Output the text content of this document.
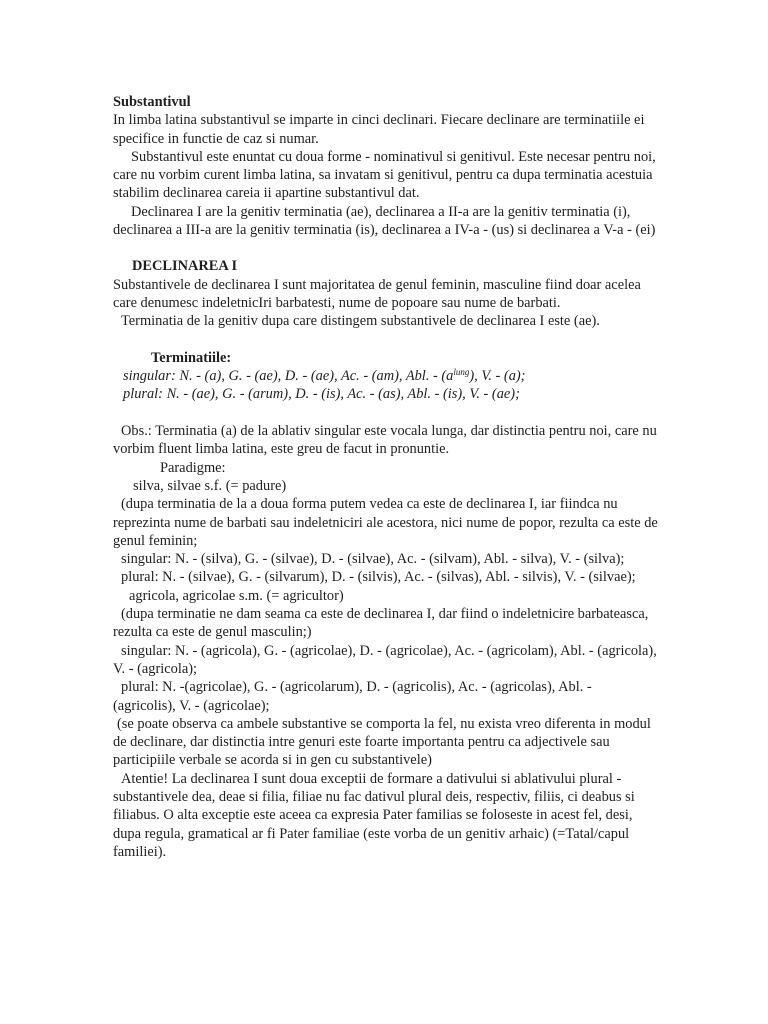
Substantivul

In limba latina substantivul se imparte in cinci declinari. Fiecare declinare are terminatiile ei specifice in functie de caz si numar.

Substantivul este enuntat cu doua forme - nominativul si genitivul. Este necesar pentru noi, care nu vorbim curent limba latina, sa invatam si genitivul, pentru ca dupa terminatia acestuia stabilim declinarea careia ii apartine substantivul dat.

Declinarea I are la genitiv terminatia (ae), declinarea a II-a are la genitiv terminatia (i), declinarea a III-a are la genitiv terminatia (is), declinarea a IV-a - (us) si declinarea a V-a - (ei)

DECLINAREA I

Substantivele de declinarea I sunt majoritatea de genul feminin, masculine fiind doar acelea care denumesc indeletnicIri barbatesti, nume de popoare sau nume de barbati.

Terminatia de la genitiv dupa care distingem substantivele de declinarea I este (ae).

Terminatiile:

singular: N. - (a), G. - (ae), D. - (ae), Ac. - (am), Abl. - $(a^{lung})$, V. - (a);

plural: N. - (ae), G. - (arum), D. - (is), Ac. - (as), Abl. - (is), V. - (ae);

Obs.: Terminatia (a) de la ablativ singular este vocala lunga, dar distinctia pentru noi, care nu vorbim fluent limba latina, este greu de facut in pronuntie.

Paradigme:

silva, silvae s.f. (= padure)

(dupa terminatia de la a doua forma putem vedea ca este de declinarea I, iar fiindca nu reprezinta nume de barbati sau indeletniciri ale acestora, nici nume de popor, rezulta ca este de genul feminin;

singular: N. - (silva), G. - (silvae), D. - (silvae), Ac. - (silvam), Abl. - silva), V. - (silva);

plural: N. - (silvae), G. - (silvarum), D. - (silvis), Ac. - (silvas), Abl. - silvis), V. - (silvae);

agricola, agricolae s.m. (= agricultor)

(dupa terminatie ne dam seama ca este de declinarea I, dar fiind o indeletnicire barbateasca, rezulta ca este de genul masculin;)

singular: N. - (agricola), G. - (agricolae), D. - (agricolae), Ac. - (agricolam), Abl. - (agricola), V. - (agricola);

plural: N. -(agricolae), G. - (agricolarum), D. - (agricolis), Ac. - (agricolas), Abl. - (agricolis), V. - (agricolae);

(se poate observa ca ambele substantive se comporta la fel, nu exista vreo diferenta in modul de declinare, dar distinctia intre genuri este foarte importanta pentru ca adjectivele sau participiile verbale se acorda si in gen cu substantivele)

Atentie! La declinarea I sunt doua exceptii de formare a dativului si ablativului plural - substantivele dea, deae si filia, filiae nu fac dativul plural deis, respectiv, filiis, ci deabus si filiabus. O alta exceptie este aceea ca expresia Pater familias se foloseste in acest fel, desi, dupa regula, gramatical ar fi Pater familiae (este vorba de un genitiv arhaic) (=Tatal/capul familiei).
